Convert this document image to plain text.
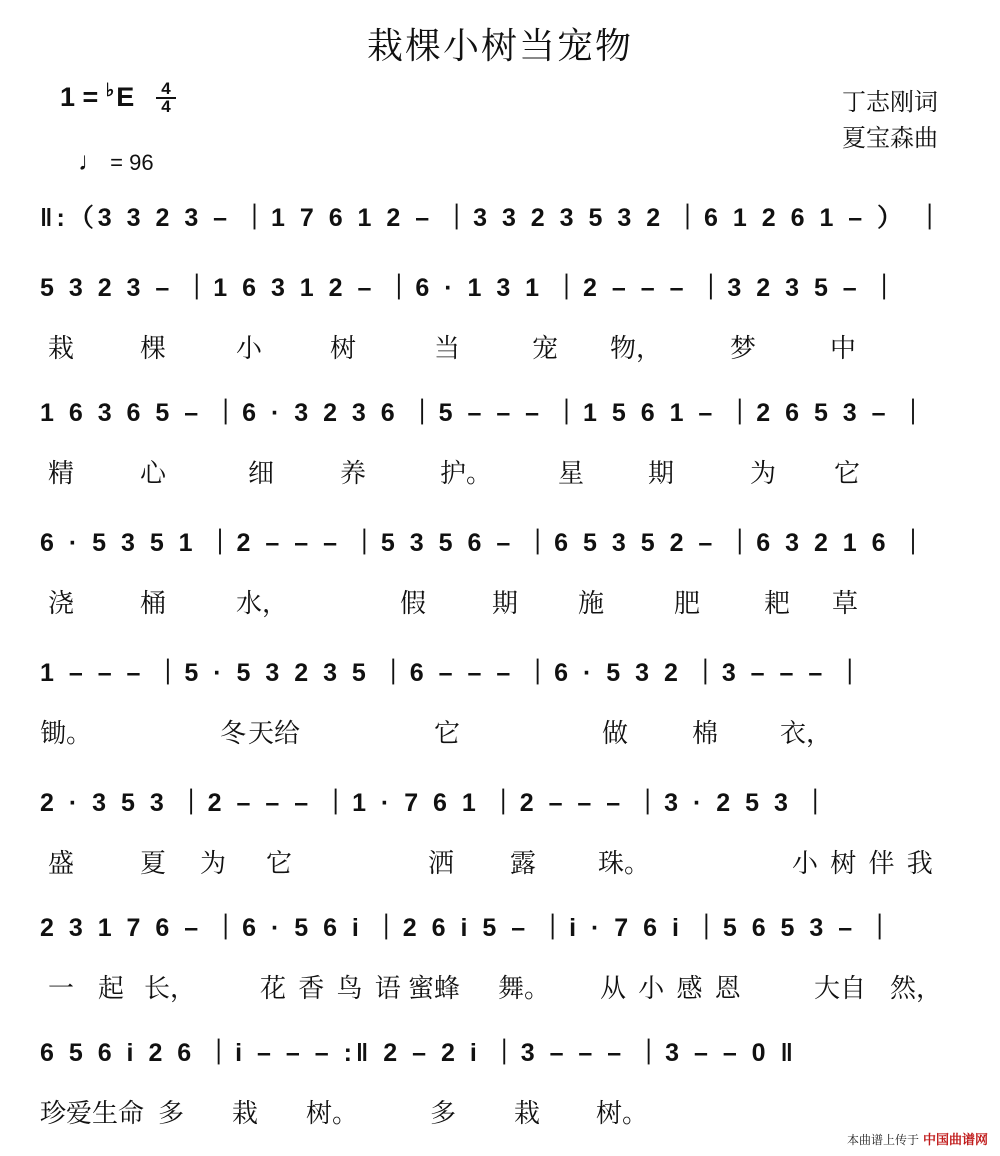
栽棵小树当宠物
1 = ♭E	4
4
♩ = 96
丁志刚词
夏宝森曲
‖:（3 3 2 3 – ｜1 7 6 1 2 – ｜3 3 2 3 5 3 2 ｜6 1 2 6 1 – ） ｜
5 3 2 3 – ｜1 6 3 1 2 – ｜6 · 1 3 1 ｜2 – – – ｜3 2 3 5 – ｜
栽	棵	小	树	当	宠 物，	梦	中
1 6 3 6 5 – ｜6 · 3 2 3 6 ｜5 – – – ｜1 5 6 1 – ｜2 6 5 3 – ｜
精	心	细	养	护。	星 期	为 它
6 · 5 3 5 1 ｜2 – – – ｜5 3 5 6 – ｜6 5 3 5 2 – ｜6 3 2 1 6 ｜
浇	桶	水，	假	期 施	肥 耙 草
1 – – – ｜5 · 5 3 2 3 5 ｜6 – – – ｜6 · 5 3 2 ｜3 – – – ｜
锄。	冬 天给	它	做 棉 衣，
2 · 3 5 3 ｜2 – – – ｜1 · 7 6 1 ｜2 – – – ｜3 · 2 5 3 ｜
盛	夏 为 它	洒 露 珠。	小 树 伴 我
2 3 1 7 6 – ｜6 · 5 6 i ｜2 6 i 5 – ｜i · 7 6 i ｜5 6 5 3 – ｜
一 起 长， 花 香 鸟 语 蜜蜂 舞。 从 小 感 恩	大自 然，
6 5 6 i 2 6 ｜i – – – :‖ 2 – 2 i ｜3 – – – ｜3 – – 0 ‖
珍爱生命 多 栽 树。	多 栽 树。
本曲谱上传于 中国曲谱网
